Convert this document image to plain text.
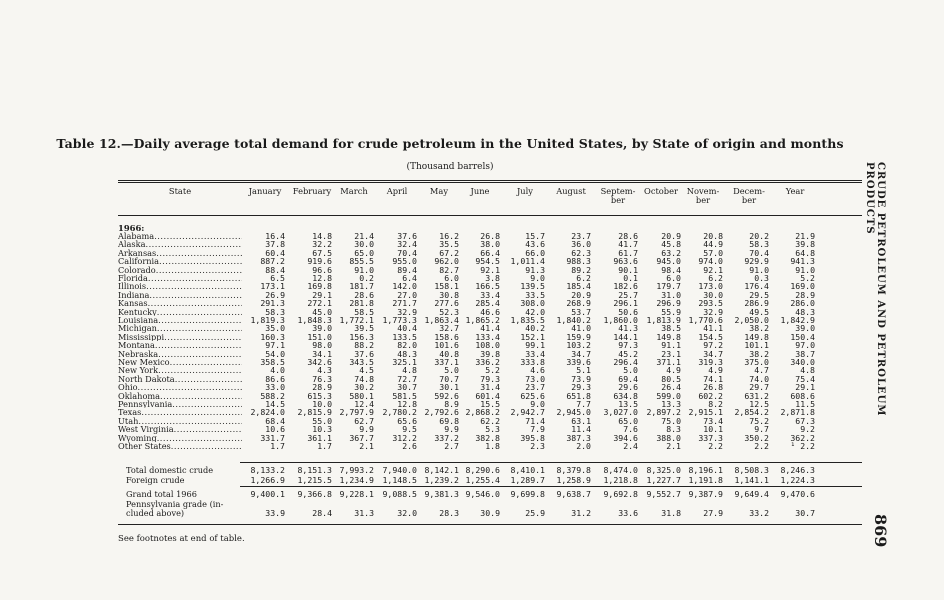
Table 12.—Daily average total demand for crude petroleum in the United States, by State of origin and months
(Thousand barrels)	CRUDE PETROLEUM AND PETROLEUM PRODUCTS
869
State	January	February	March	April	May	June	July	August	Septem-
ber
October	Novem-
ber
Decem-
ber
Year
1966:
Alabama .....	16.4	14.8	21.4	37.6	16.2	26.8	15.7	23.7	28.6	20.9	20.8	20.2	21.9
Alaska .....	37.8	32.2	30.0	32.4	35.5	38.0	43.6	36.0	41.7	45.8	44.9	58.3	39.8
Arkansas .....	60.4	67.5	65.0	70.4	67.2	66.4	66.0	62.3	61.7	63.2	57.0	70.4	64.8
California .....	887.2	919.6	855.5	955.0	962.0	954.5	1,011.4	988.3	963.6	945.0	974.0	929.9	941.3
Colorado .....	88.4	96.6	91.0	89.4	82.7	92.1	91.3	89.2	90.1	98.4	92.1	91.0	91.0
Florida .....	6.5	12.8	0.2	6.4	6.0	3.8	9.0	6.2	0.1	6.0	6.2	0.3	5.2
Illinois .....	173.1	169.8	181.7	142.0	158.1	166.5	139.5	185.4	182.6	179.7	173.0	176.4	169.0
Indiana .....	26.9	29.1	28.6	27.0	30.8	33.4	33.5	20.9	25.7	31.0	30.0	29.5	28.9
Kansas .....	291.3	272.1	281.8	271.7	277.6	285.4	308.0	268.9	296.1	296.9	293.5	286.9	286.0
Kentucky .....	58.3	45.0	58.5	32.9	52.3	46.6	42.0	53.7	50.6	55.9	32.9	49.5	48.3
Louisiana .....	1,819.3	1,848.3 1,772.1	1,773.3 1,863.4 1,865.2	1,835.5	1,840.2	1,860.0	1,813.9 1,770.6	2,050.0	1,842.9
Michigan .....	35.0	39.0	39.5	40.4	32.7	41.4	40.2	41.0	41.3	38.5	41.1	38.2	39.0
Mississippi .....	160.3	151.0	156.3	133.5	158.6	133.4	152.1	159.9	144.1	149.8	154.5	149.8	150.4
Montana .....	97.1	98.0	88.2	82.0	101.6	108.0	99.1	103.2	97.3	91.1	97.2	101.1	97.0
Nebraska .....	54.0	34.1	37.6	48.3	40.8	39.8	33.4	34.7	45.2	23.1	34.7	38.2	38.7
New Mexico .....	358.5	342.6	343.5	325.1	337.1	336.2	333.8	339.6	296.4	371.1	319.3	375.0	340.0
New York .....	4.0	4.3	4.5	4.8	5.0	5.2	4.6	5.1	5.0	4.9	4.9	4.7	4.8
North Dakota .....	86.6	76.3	74.8	72.7	70.7	79.3	73.0	73.9	69.4	80.5	74.1	74.0	75.4
Ohio .....	33.0	28.9	30.2	30.7	30.1	31.4	23.7	29.3	29.6	26.4	26.8	29.7	29.1
Oklahoma .....	588.2	615.3	580.1	581.5	592.6	601.4	625.6	651.8	634.8	599.0	602.2	631.2	608.6
Pennsylvania .....	14.5	10.0	12.4	12.8	8.9	15.5	9.0	7.7	13.5	13.3	8.2	12.5	11.5
Texas .....	2,824.0	2,815.9 2,797.9	2,780.2 2,792.6 2,868.2	2,942.7	2,945.0	3,027.0	2,897.2 2,915.1	2,854.2	2,871.8
Utah .....	68.4	55.0	62.7	65.6	69.8	62.2	71.4	63.1	65.0	75.0	73.4	75.2	67.3
West Virginia .....	10.6	10.3	9.9	9.5	9.9	5.3	7.9	11.4	7.6	8.3	10.1	9.7	9.2
Wyoming .....	331.7	361.1	367.7	312.2	337.2	382.8	395.8	387.3	394.6	388.0	337.3	350.2	362.2
Other States .....	1.7	1.7	2.1	2.6	2.7	1.8	2.3	2.0	2.4	2.1	2.2	2.2	¹ 2.2
Total domestic crude	8,133.2	8,151.3 7,993.2	7,940.0 8,142.1 8,290.6	8,410.1	8,379.8	8,474.0	8,325.0 8,196.1	8,508.3	8,246.3
Foreign crude	1,266.9	1,215.5 1,234.9	1,148.5 1,239.2 1,255.4	1,289.7	1,258.9	1,218.8	1,227.7 1,191.8	1,141.1	1,224.3
Grand total 1966	9,400.1	9,366.8 9,228.1	9,088.5 9,381.3 9,546.0	9,699.8	9,638.7	9,692.8	9,552.7 9,387.9	9,649.4	9,470.6
Pennsylvania grade (in-
cluded above)	33.9	28.4	31.3	32.0	28.3	30.9	25.9	31.2	33.6	31.8	27.9	33.2	30.7
See footnotes at end of table.
